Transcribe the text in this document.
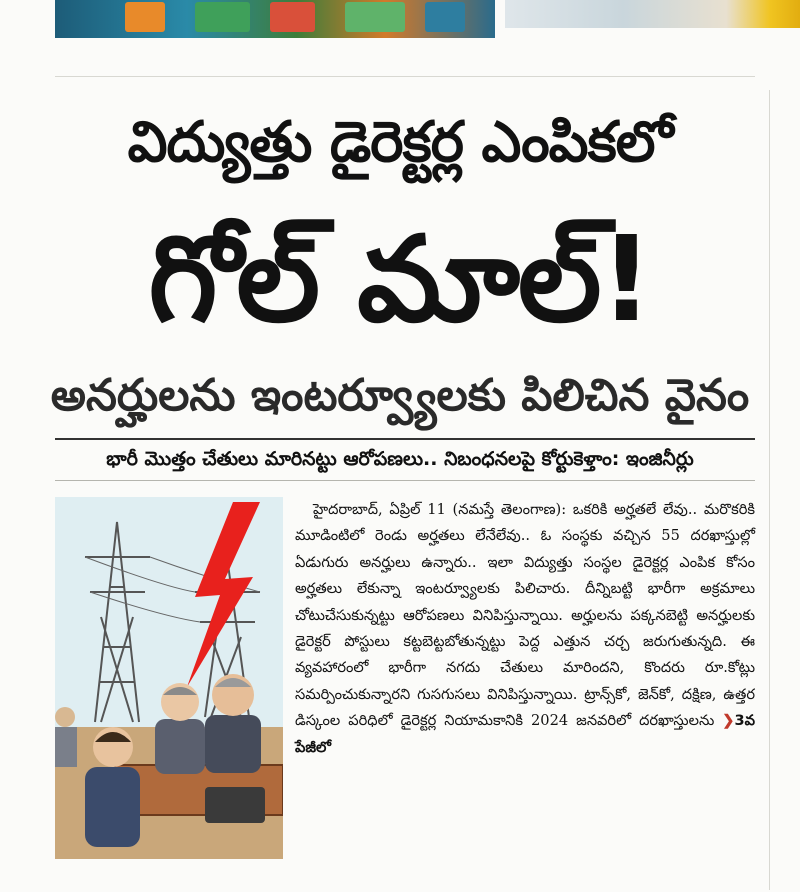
విద్యుత్తు డైరెక్టర్ల ఎంపికలో
గోల్ మాల్!
అనర్హులను ఇంటర్వ్యూలకు పిలిచిన వైనం
భారీ మొత్తం చేతులు మారినట్టు ఆరోపణలు.. నిబంధనలపై కోర్టుకెళ్తాం: ఇంజినీర్లు

హైదరాబాద్, ఏప్రిల్ 11 (నమస్తే తెలంగాణ): ఒకరికి అర్హతలే లేవు.. మరొకరికి మూడింటిలో రెండు అర్హతలు లేనేలేవు.. ఓ సంస్థకు వచ్చిన 55 దరఖాస్తుల్లో ఏడుగురు అనర్హులు ఉన్నారు.. ఇలా విద్యుత్తు సంస్థల డైరెక్టర్ల ఎంపిక కోసం అర్హతలు లేకున్నా ఇంటర్వ్యూలకు పిలిచారు. దీన్నిబట్టి భారీగా అక్రమాలు చోటుచేసుకున్నట్టు ఆరోపణలు వినిపిస్తున్నాయి. అర్హులను పక్కనబెట్టి అనర్హులకు డైరెక్టర్ పోస్టులు కట్టబెట్టబోతున్నట్టు పెద్ద ఎత్తున చర్చ జరుగుతున్నది. ఈ వ్యవహారంలో భారీగా నగదు చేతులు మారిందని, కొందరు రూ.కోట్లు సమర్పించుకున్నారని గుసగుసలు వినిపిస్తున్నాయి. ట్రాన్స్‌కో, జెన్‌కో, దక్షిణ, ఉత్తర డిస్కంల పరిధిలో డైరెక్టర్ల నియామకానికి 2024 జనవరిలో దరఖాస్తులను ❯3వ పేజీలో
